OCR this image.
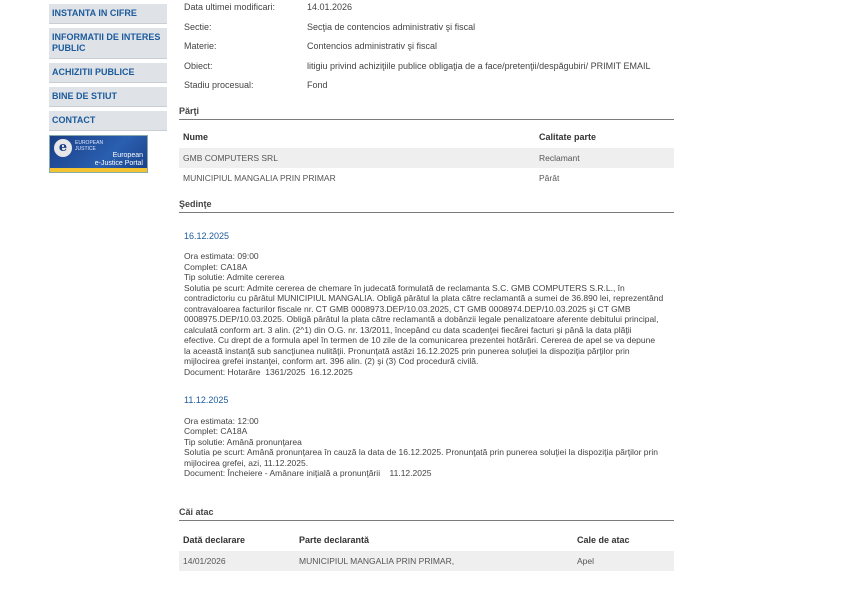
INSTANTA IN CIFRE
INFORMATII DE INTERES PUBLIC
ACHIZITII PUBLICE
BINE DE STIUT
CONTACT
e	EUROPEAN
JUSTICE
European
e-Justice Portal
Data ultimei modificari:	14.01.2026
Sectie:	Secţia de contencios administrativ şi fiscal
Materie:	Contencios administrativ şi fiscal
Obiect:	litigiu privind achiziţiile publice obligaţia de a face/pretenţii/despăgubiri/ PRIMIT EMAIL
Stadiu procesual:	Fond
Părţi
Nume	Calitate parte
GMB COMPUTERS SRL	Reclamant
MUNICIPIUL MANGALIA PRIN PRIMAR	Pârât
Şedinţe
16.12.2025
Ora estimata: 09:00
Complet: CA18A
Tip solutie: Admite cererea
Solutia pe scurt: Admite cererea de chemare în judecată formulată de reclamanta S.C. GMB COMPUTERS S.R.L., în
contradictoriu cu pârâtul MUNICIPIUL MANGALIA. Obligă pârâtul la plata către reclamantă a sumei de 36.890 lei, reprezentând
contravaloarea facturilor fiscale nr. CT GMB 0008973.DEP/10.03.2025, CT GMB 0008974.DEP/10.03.2025 şi CT GMB
0008975.DEP/10.03.2025. Obligă pârâtul la plata către reclamantă a dobânzii legale penalizatoare aferente debitului principal,
calculată conform art. 3 alin. (2^1) din O.G. nr. 13/2011, începând cu data scadenţei fiecărei facturi şi până la data plăţii
efective. Cu drept de a formula apel în termen de 10 zile de la comunicarea prezentei hotărâri. Cererea de apel se va depune
la această instanţă sub sancţiunea nulităţii. Pronunţată astăzi 16.12.2025 prin punerea soluţiei la dispoziţia părţilor prin
mijlocirea grefei instanţei, conform art. 396 alin. (2) şi (3) Cod procedură civilă.
Document: Hotarâre  1361/2025  16.12.2025
11.12.2025
Ora estimata: 12:00
Complet: CA18A
Tip solutie: Amână pronunţarea
Solutia pe scurt: Amână pronunţarea în cauză la data de 16.12.2025. Pronunţată prin punerea soluţiei la dispoziţia părţilor prin
mijlocirea grefei, azi, 11.12.2025.
Document: Încheiere - Amânare iniţială a pronunţării    11.12.2025
Căi atac
Dată declarare	Parte declarantă	Cale de atac
14/01/2026	MUNICIPIUL MANGALIA PRIN PRIMAR,	Apel
